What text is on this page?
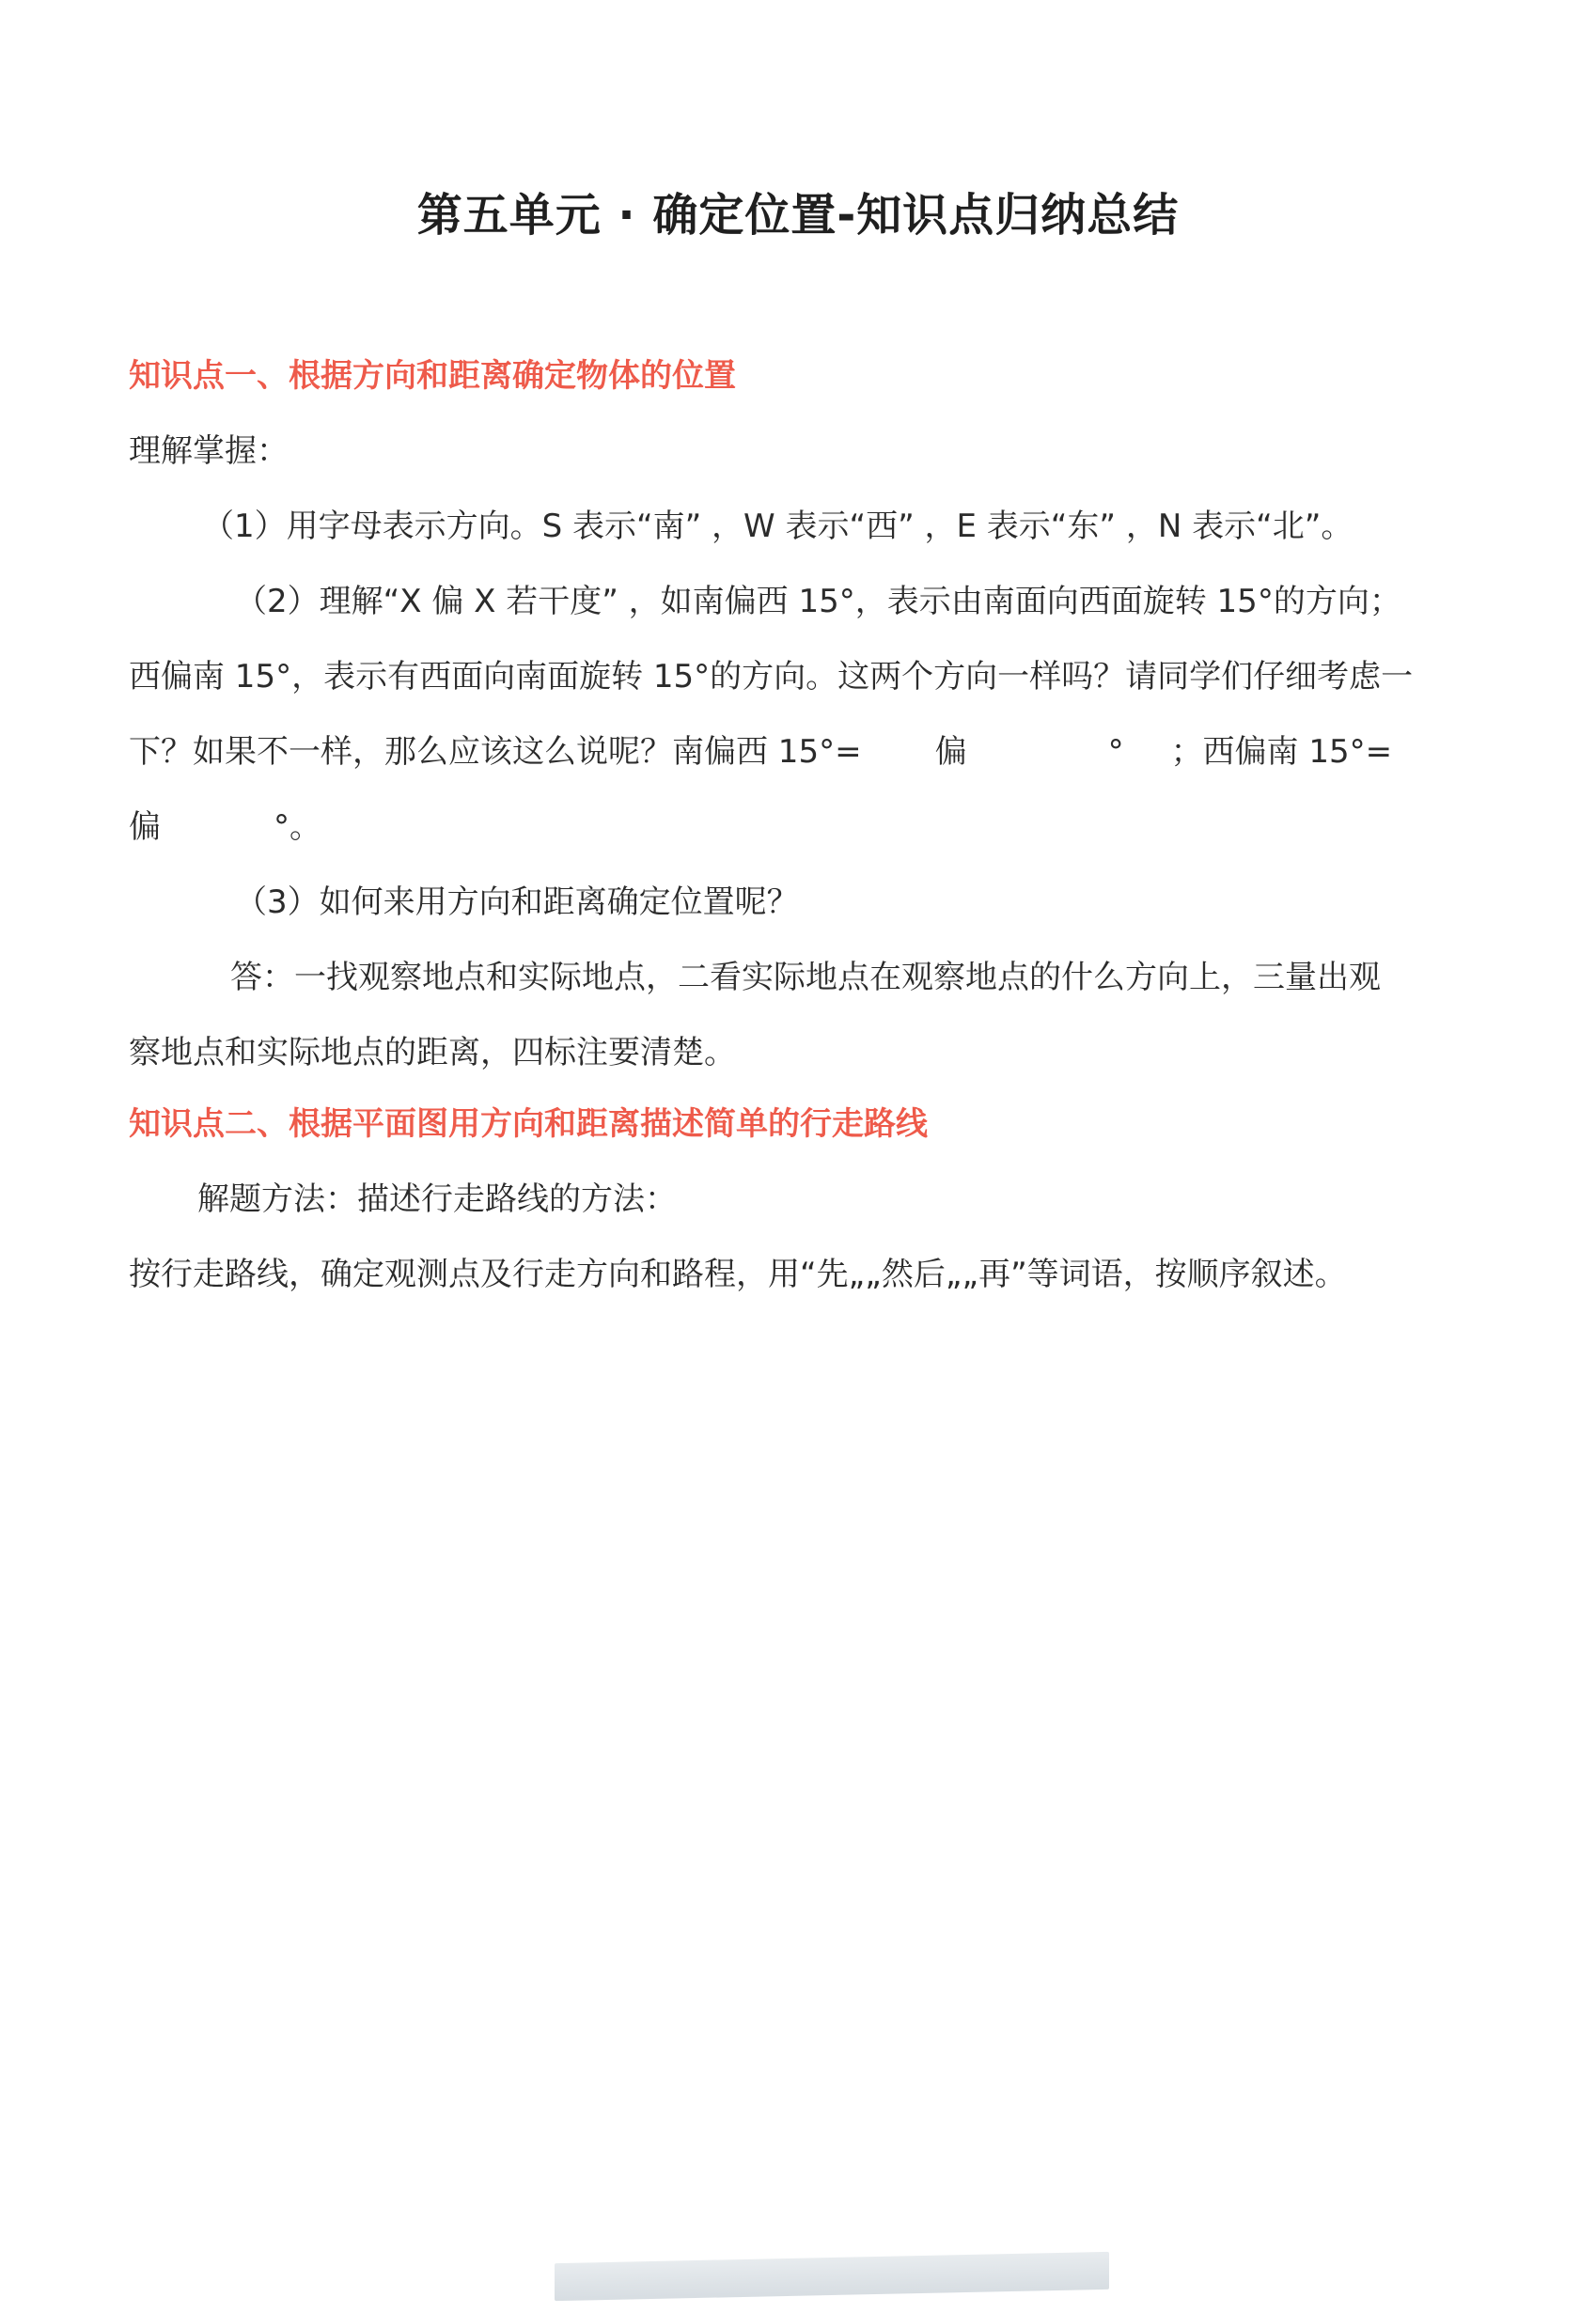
第五单元 · 确定位置-知识点归纳总结
知识点一、根据方向和距离确定物体的位置
理解掌握：
（1）用字母表示方向。S 表示“南” ，W 表示“西” ，E 表示“东” ，N 表示“北”。
（2）理解“X 偏 X 若干度” ，如南偏西 15°，表示由南面向西面旋转 15°的方向；
西偏南 15°，表示有西面向南面旋转 15°的方向。这两个方向一样吗？请同学们仔细考虑一
下？如果不一样，那么应该这么说呢？南偏西 15°= 偏	° ；西偏南 15°=
偏	°。
（3）如何来用方向和距离确定位置呢？
答：一找观察地点和实际地点，二看实际地点在观察地点的什么方向上，三量出观
察地点和实际地点的距离，四标注要清楚。
知识点二、根据平面图用方向和距离描述简单的行走路线
解题方法：描述行走路线的方法：
按行走路线，确定观测点及行走方向和路程，用“先„„然后„„再”等词语，按顺序叙述。
